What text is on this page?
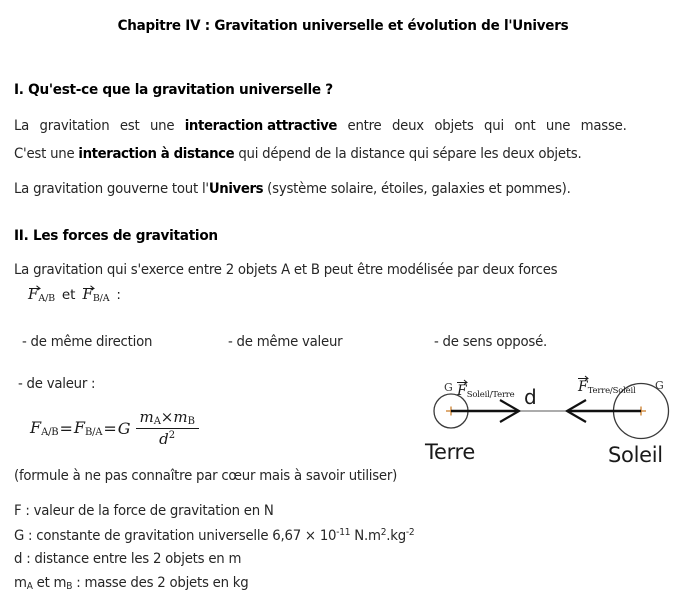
Chapitre IV : Gravitation universelle et évolution de l'Univers
I. Qu'est-ce que la gravitation universelle ?
La gravitation est une interaction attractive entre deux objets qui ont une masse.
C'est une interaction à distance qui dépend de la distance qui sépare les deux objets.
La gravitation gouverne tout l'Univers (système solaire, étoiles, galaxies et pommes).
II. Les forces de gravitation
La gravitation qui s'exerce entre 2 objets A et B peut être modélisée par deux forces
$F_{A/B}$ et $F_{B/A}$ :
- de même direction	- de même valeur	- de sens opposé.
- de valeur :
$F_{A/B} = F_{B/A} = G \frac{m_A\times m_B}{d^2}$
G	G
$F_{Soleil/Terre}$	$F_{Terre/Soleil}$
d
Terre	Soleil
(formule à ne pas connaître par cœur mais à savoir utiliser)
F : valeur de la force de gravitation en N
G : constante de gravitation universelle $6,67 \times 10^{-11}$ $N.m^2.kg^{-2}$
d : distance entre les 2 objets en m
$m_A$ et $m_B$ : masse des 2 objets en kg
